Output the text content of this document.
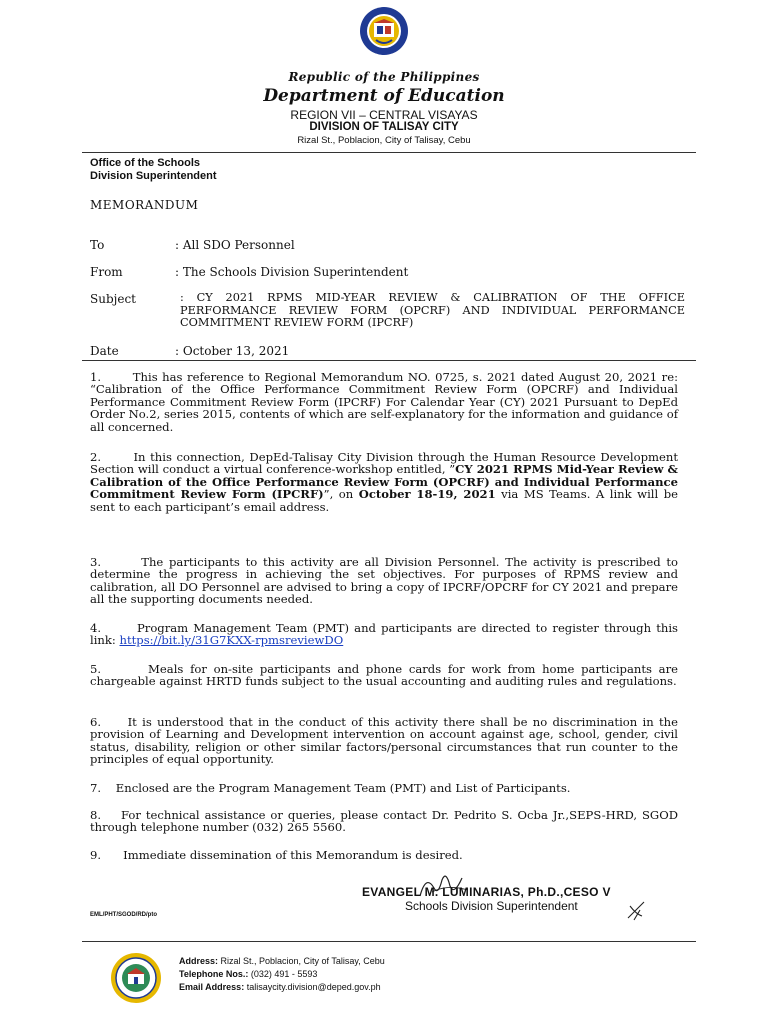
Republic of the Philippines
Department of Education
REGION VII – CENTRAL VISAYAS
DIVISION OF TALISAY CITY
Rizal St., Poblacion, City of Talisay, Cebu
Office of the Schools
Division Superintendent
MEMORANDUM
To	: All SDO Personnel
From	: The Schools Division Superintendent
Subject	: CY 2021 RPMS MID-YEAR REVIEW & CALIBRATION OF THE OFFICE PERFORMANCE REVIEW FORM (OPCRF) AND INDIVIDUAL PERFORMANCE COMMITMENT REVIEW FORM (IPCRF)
Date	: October 13, 2021
1.       This has reference to Regional Memorandum NO. 0725, s. 2021 dated August 20, 2021 re: “Calibration of the Office Performance Commitment Review Form (OPCRF) and Individual Performance Commitment Review Form (IPCRF) For Calendar Year (CY) 2021 Pursuant to DepEd Order No.2, series 2015, contents of which are self-explanatory for the information and guidance of all concerned.
2.       In this connection, DepEd-Talisay City Division through the Human Resource Development Section will conduct a virtual conference-workshop entitled, ”CY 2021 RPMS Mid-Year Review & Calibration of the Office Performance Review Form (OPCRF) and Individual Performance Commitment Review Form (IPCRF)”, on October 18-19, 2021 via MS Teams. A link will be sent to each participant’s email address.
3.       The participants to this activity are all Division Personnel. The activity is prescribed to determine the progress in achieving the set objectives. For purposes of RPMS review and calibration, all DO Personnel are advised to bring a copy of IPCRF/OPCRF for CY 2021 and prepare all the supporting documents needed.
4.       Program Management Team (PMT) and participants are directed to register through this link: https://bit.ly/31G7KXX-rpmsreviewDO
5.       Meals for on-site participants and phone cards for work from home participants are chargeable against HRTD funds subject to the usual accounting and auditing rules and regulations.
6.     It is understood that in the conduct of this activity there shall be no discrimination in the provision of Learning and Development intervention on account against age, school, gender, civil status, disability, religion or other similar factors/personal circumstances that run counter to the principles of equal opportunity.
7.    Enclosed are the Program Management Team (PMT) and List of Participants.
8.    For technical assistance or queries, please contact Dr. Pedrito S. Ocba Jr.,SEPS-HRD, SGOD through telephone number (032) 265 5560.
9.      Immediate dissemination of this Memorandum is desired.
EVANGEL M. LUMINARIAS, Ph.D.,CESO V
Schools Division Superintendent
EML/PHT/SGOD/RD/pto
Address: Rizal St., Poblacion, City of Talisay, Cebu
Telephone Nos.: (032) 491 - 5593
Email Address: talisaycity.division@deped.gov.ph
